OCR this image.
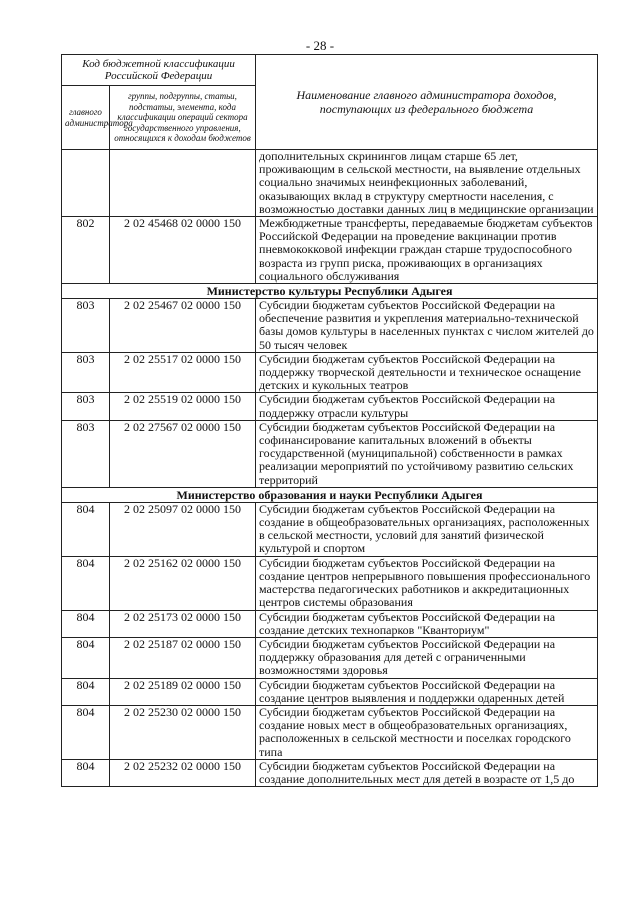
- 28 -
Код бюджетной классификации Российской Федерации		Наименование главного администратора доходов, поступающих из федерального бюджета
главного администратора	группы, подгруппы, статьи, подстатьи, элемента, кода классификации операций сектора государственного управления, относящихся к доходам бюджетов	
		дополнительных скринингов лицам старше 65 лет, проживающим в сельской местности, на выявление отдельных социально значимых неинфекционных заболеваний, оказывающих вклад в структуру смертности населения, с возможностью доставки данных лиц в медицинские организации
802	2 02 45468 02 0000 150	Межбюджетные трансферты, передаваемые бюджетам субъектов Российской Федерации на проведение вакцинации против пневмококковой инфекции граждан старше трудоспособного возраста из групп риска, проживающих в организациях социального обслуживания
Министерство культуры Республики Адыгея		
803	2 02 25467 02 0000 150	Субсидии бюджетам субъектов Российской Федерации на обеспечение развития и укрепления материально-технической базы домов культуры в населенных пунктах с числом жителей до 50 тысяч человек
803	2 02 25517 02 0000 150	Субсидии бюджетам субъектов Российской Федерации на поддержку творческой деятельности и техническое оснащение детских и кукольных театров
803	2 02 25519 02 0000 150	Субсидии бюджетам субъектов Российской Федерации на поддержку отрасли культуры
803	2 02 27567 02 0000 150	Субсидии бюджетам субъектов Российской Федерации на софинансирование капитальных вложений в объекты государственной (муниципальной) собственности в рамках реализации мероприятий по устойчивому развитию сельских территорий
Министерство образования и науки Республики Адыгея		
804	2 02 25097 02 0000 150	Субсидии бюджетам субъектов Российской Федерации на создание в общеобразовательных организациях, расположенных в сельской местности, условий для занятий физической культурой и спортом
804	2 02 25162 02 0000 150	Субсидии бюджетам субъектов Российской Федерации на создание центров непрерывного повышения профессионального мастерства педагогических работников и аккредитационных центров системы образования
804	2 02 25173 02 0000 150	Субсидии бюджетам субъектов Российской Федерации на создание детских технопарков "Кванториум"
804	2 02 25187 02 0000 150	Субсидии бюджетам субъектов Российской Федерации на поддержку образования для детей с ограниченными возможностями здоровья
804	2 02 25189 02 0000 150	Субсидии бюджетам субъектов Российской Федерации на создание центров выявления и поддержки одаренных детей
804	2 02 25230 02 0000 150	Субсидии бюджетам субъектов Российской Федерации на создание новых мест в общеобразовательных организациях, расположенных в сельской местности и поселках городского типа
804	2 02 25232 02 0000 150	Субсидии бюджетам субъектов Российской Федерации на создание дополнительных мест для детей в возрасте от 1,5 до
